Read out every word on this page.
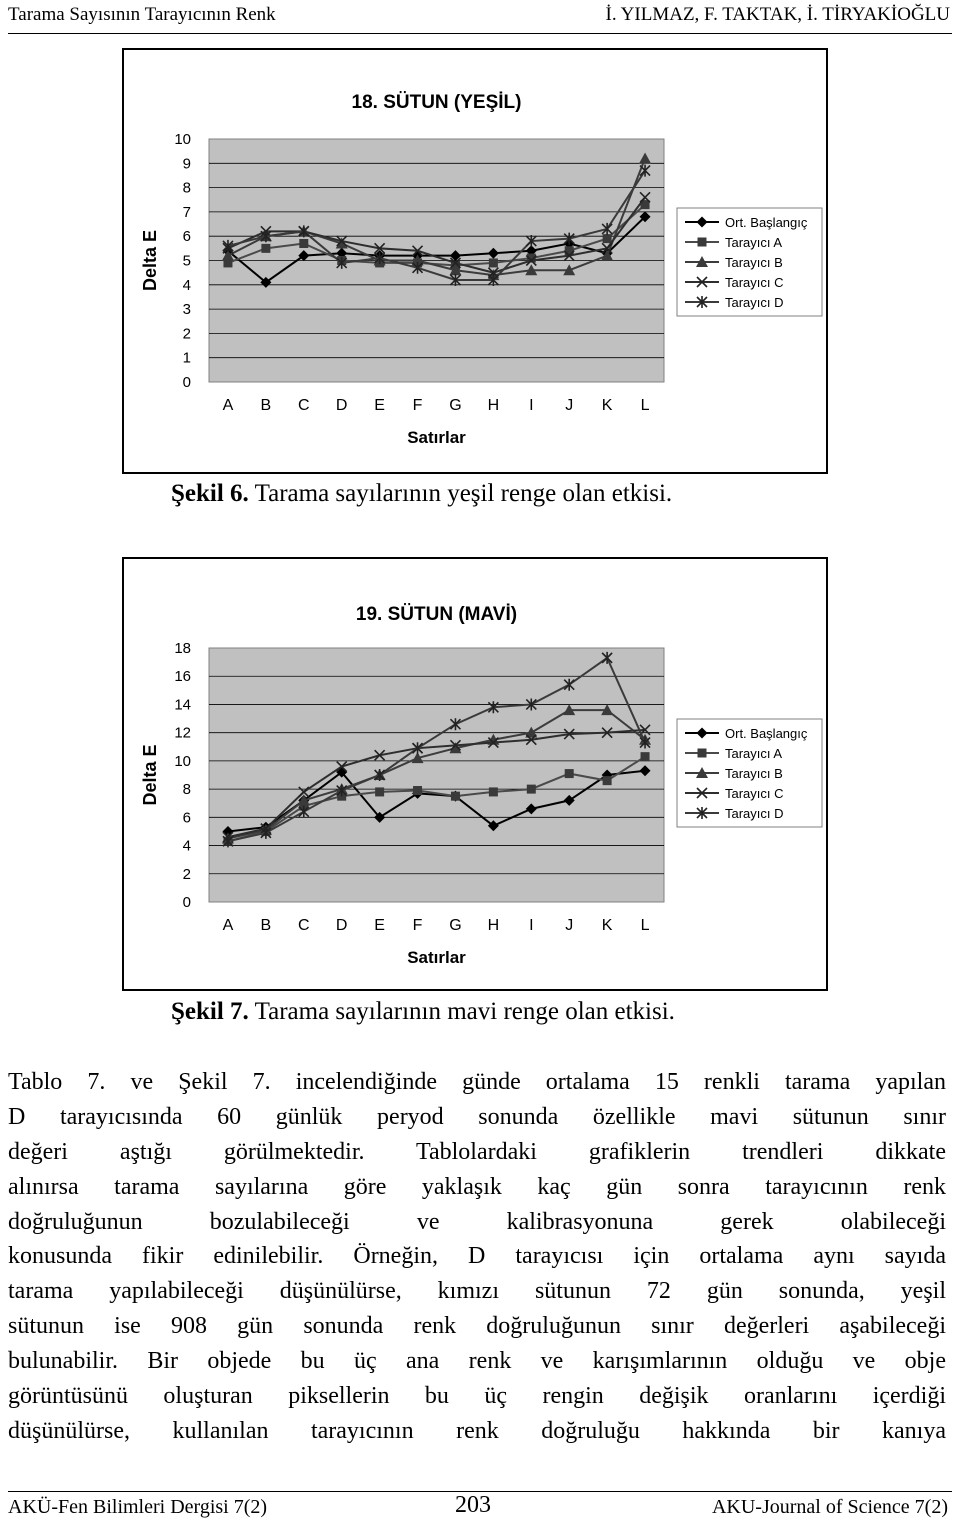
Tarama Sayısının Tarayıcının Renk	İ. YILMAZ, F. TAKTAK, İ. TİRYAKİOĞLU
18. SÜTUN (YEŞİL)
0
1
2
3
4
5
6
7
8
9
10
A B C D E F G H I J K L
Satırlar
Delta E
Ort. Başlangıç
Tarayıcı A
Tarayıcı B
Tarayıcı C
Tarayıcı D
Şekil 6. Tarama sayılarının yeşil renge olan etkisi.
19. SÜTUN (MAVİ)
0
2
4
6
8
10
12
14
16
18
A B C D E F G H I J K L
Satırlar
Delta E
Ort. Başlangıç
Tarayıcı A
Tarayıcı B
Tarayıcı C
Tarayıcı D
Şekil 7. Tarama sayılarının mavi renge olan etkisi.
Tablo 7. ve Şekil 7. incelendiğinde günde ortalama 15 renkli tarama yapılan
D tarayıcısında 60 günlük peryod sonunda özellikle mavi sütunun sınır
değeri aştığı görülmektedir. Tablolardaki grafiklerin trendleri dikkate
alınırsa tarama sayılarına göre yaklaşık kaç gün sonra tarayıcının renk
doğruluğunun bozulabileceği ve kalibrasyonuna gerek olabileceği
konusunda fikir edinilebilir. Örneğin, D tarayıcısı için ortalama aynı sayıda
tarama yapılabileceği düşünülürse, kımızı sütunun 72 gün sonunda, yeşil
sütunun ise 908 gün sonunda renk doğruluğunun sınır değerleri aşabileceği
bulunabilir. Bir objede bu üç ana renk ve karışımlarının olduğu ve obje
görüntüsünü oluşturan piksellerin bu üç rengin değişik oranlarını içerdiği
düşünülürse, kullanılan tarayıcının renk doğruluğu hakkında bir kanıya
AKÜ-Fen Bilimleri Dergisi 7(2)	203	AKU-Journal of Science 7(2)
